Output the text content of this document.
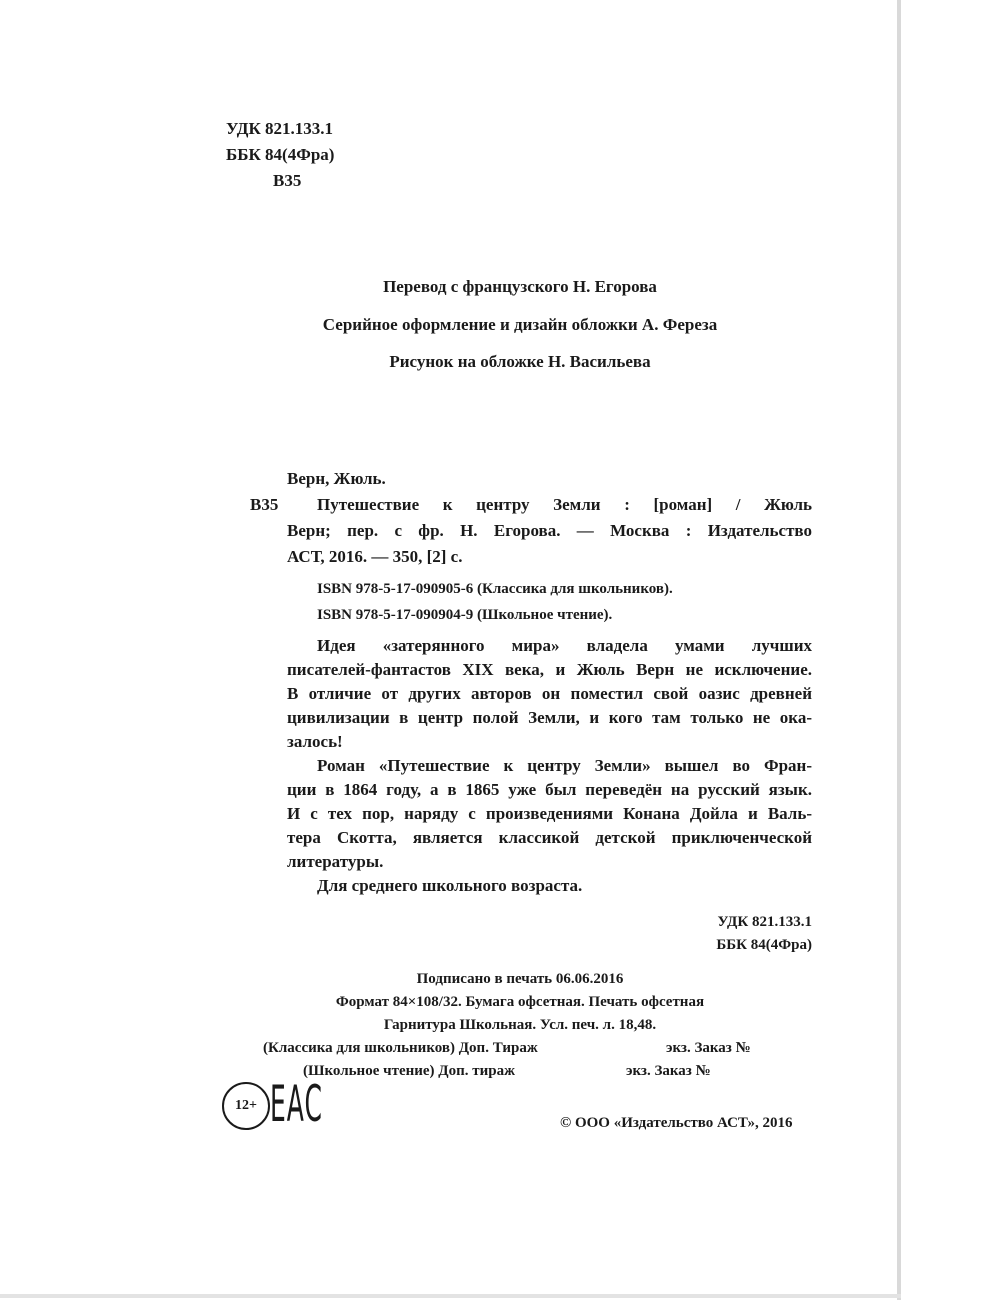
УДК 821.133.1
ББК 84(4Фра)
В35
Перевод с французского Н. Егорова
Серийное оформление и дизайн обложки А. Фереза
Рисунок на обложке Н. Васильева
Верн, Жюль.
В35 Путешествие к центру Земли : [роман] / Жюль
Верн; пер. с фр. Н. Егорова. — Москва : Издательство
АСТ, 2016. — 350, [2] с.
ISBN 978-5-17-090905-6 (Классика для школьников).
ISBN 978-5-17-090904-9 (Школьное чтение).
Идея «затерянного мира» владела умами лучших
писателей-фантастов XIX века, и Жюль Верн не исключение.
В отличие от других авторов он поместил свой оазис древней
цивилизации в центр полой Земли, и кого там только не ока-
залось!
Роман «Путешествие к центру Земли» вышел во Фран-
ции в 1864 году, а в 1865 уже был переведён на русский язык.
И с тех пор, наряду с произведениями Конана Дойла и Валь-
тера Скотта, является классикой детской приключенческой
литературы.
Для среднего школьного возраста.
УДК 821.133.1
ББК 84(4Фра)
Подписано в печать 06.06.2016
Формат 84×108/32. Бумага офсетная. Печать офсетная
Гарнитура Школьная. Усл. печ. л. 18,48.
(Классика для школьников) Доп. Тираж	экз. Заказ №
(Школьное чтение) Доп. тираж	экз. Заказ №
12+ EAC	© ООО «Издательство АСТ», 2016
